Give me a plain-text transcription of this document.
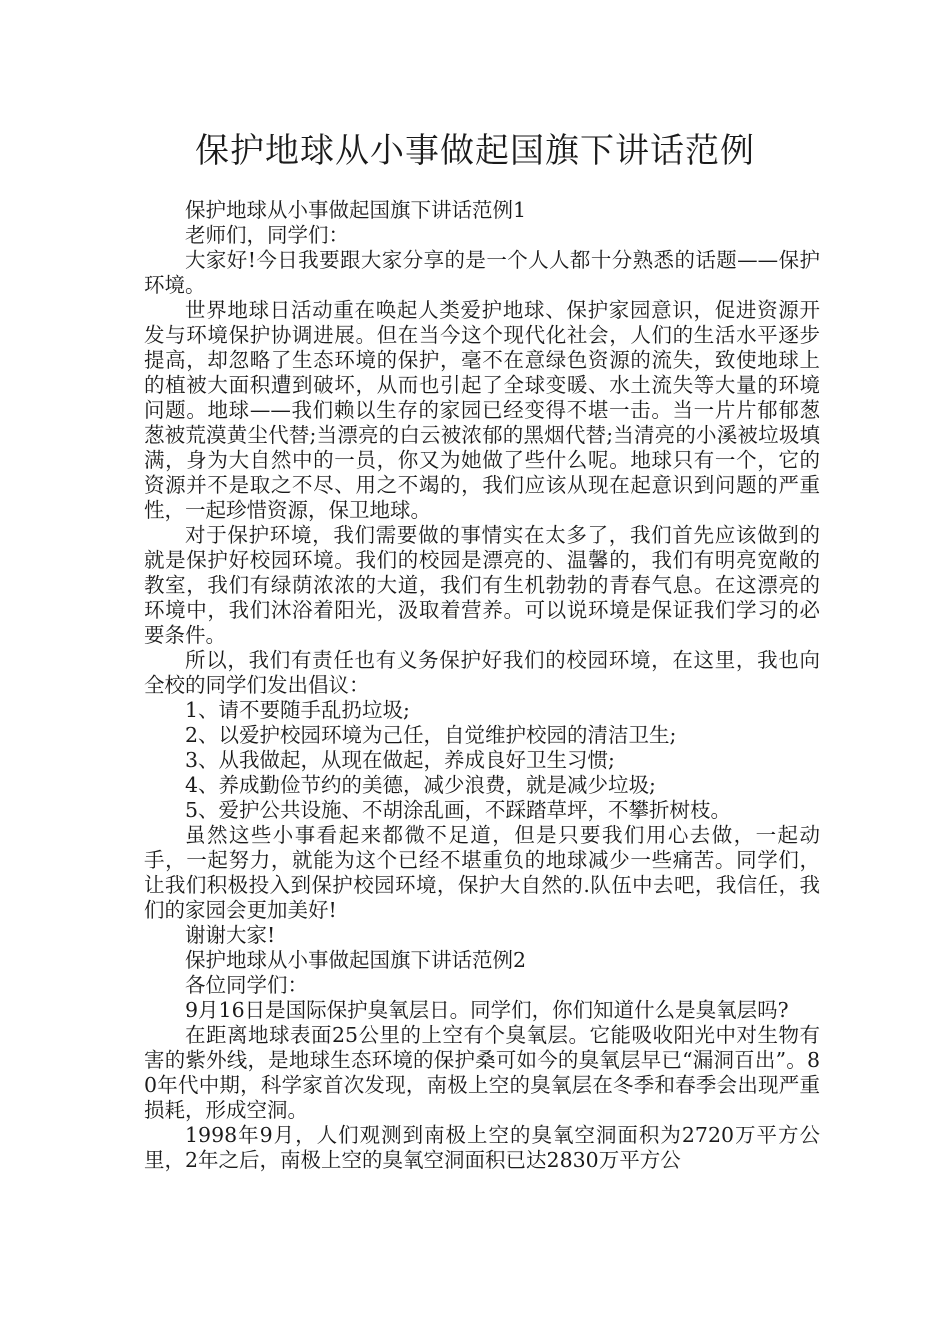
保护地球从小事做起国旗下讲话范例

保护地球从小事做起国旗下讲话范例1

老师们，同学们：

大家好!今日我要跟大家分享的是一个人人都十分熟悉的话题——保护环境。

世界地球日活动重在唤起人类爱护地球、保护家园意识，促进资源开发与环境保护协调进展。但在当今这个现代化社会，人们的生活水平逐步提高，却忽略了生态环境的保护，毫不在意绿色资源的流失，致使地球上的植被大面积遭到破坏，从而也引起了全球变暖、水土流失等大量的环境问题。地球——我们赖以生存的家园已经变得不堪一击。当一片片郁郁葱葱被荒漠黄尘代替;当漂亮的白云被浓郁的黑烟代替;当清亮的小溪被垃圾填满，身为大自然中的一员，你又为她做了些什么呢。地球只有一个，它的资源并不是取之不尽、用之不竭的，我们应该从现在起意识到问题的严重性，一起珍惜资源，保卫地球。

对于保护环境，我们需要做的事情实在太多了，我们首先应该做到的就是保护好校园环境。我们的校园是漂亮的、温馨的，我们有明亮宽敞的教室，我们有绿荫浓浓的大道，我们有生机勃勃的青春气息。在这漂亮的环境中，我们沐浴着阳光，汲取着营养。可以说环境是保证我们学习的必要条件。

所以，我们有责任也有义务保护好我们的校园环境，在这里，我也向全校的同学们发出倡议：

1、请不要随手乱扔垃圾;

2、以爱护校园环境为己任，自觉维护校园的清洁卫生;

3、从我做起，从现在做起，养成良好卫生习惯;

4、养成勤俭节约的美德，减少浪费，就是减少垃圾;

5、爱护公共设施、不胡涂乱画，不踩踏草坪，不攀折树枝。

虽然这些小事看起来都微不足道，但是只要我们用心去做，一起动手，一起努力，就能为这个已经不堪重负的地球减少一些痛苦。同学们，让我们积极投入到保护校园环境，保护大自然的.队伍中去吧，我信任，我们的家园会更加美好!

谢谢大家!

保护地球从小事做起国旗下讲话范例2

各位同学们：

9月16日是国际保护臭氧层日。同学们，你们知道什么是臭氧层吗?

在距离地球表面25公里的上空有个臭氧层。它能吸收阳光中对生物有害的紫外线，是地球生态环境的保护桑可如今的臭氧层早已“漏洞百出”。80年代中期，科学家首次发现，南极上空的臭氧层在冬季和春季会出现严重损耗，形成空洞。

1998年9月，人们观测到南极上空的臭氧空洞面积为2720万平方公里，2年之后，南极上空的臭氧空洞面积已达2830万平方公
